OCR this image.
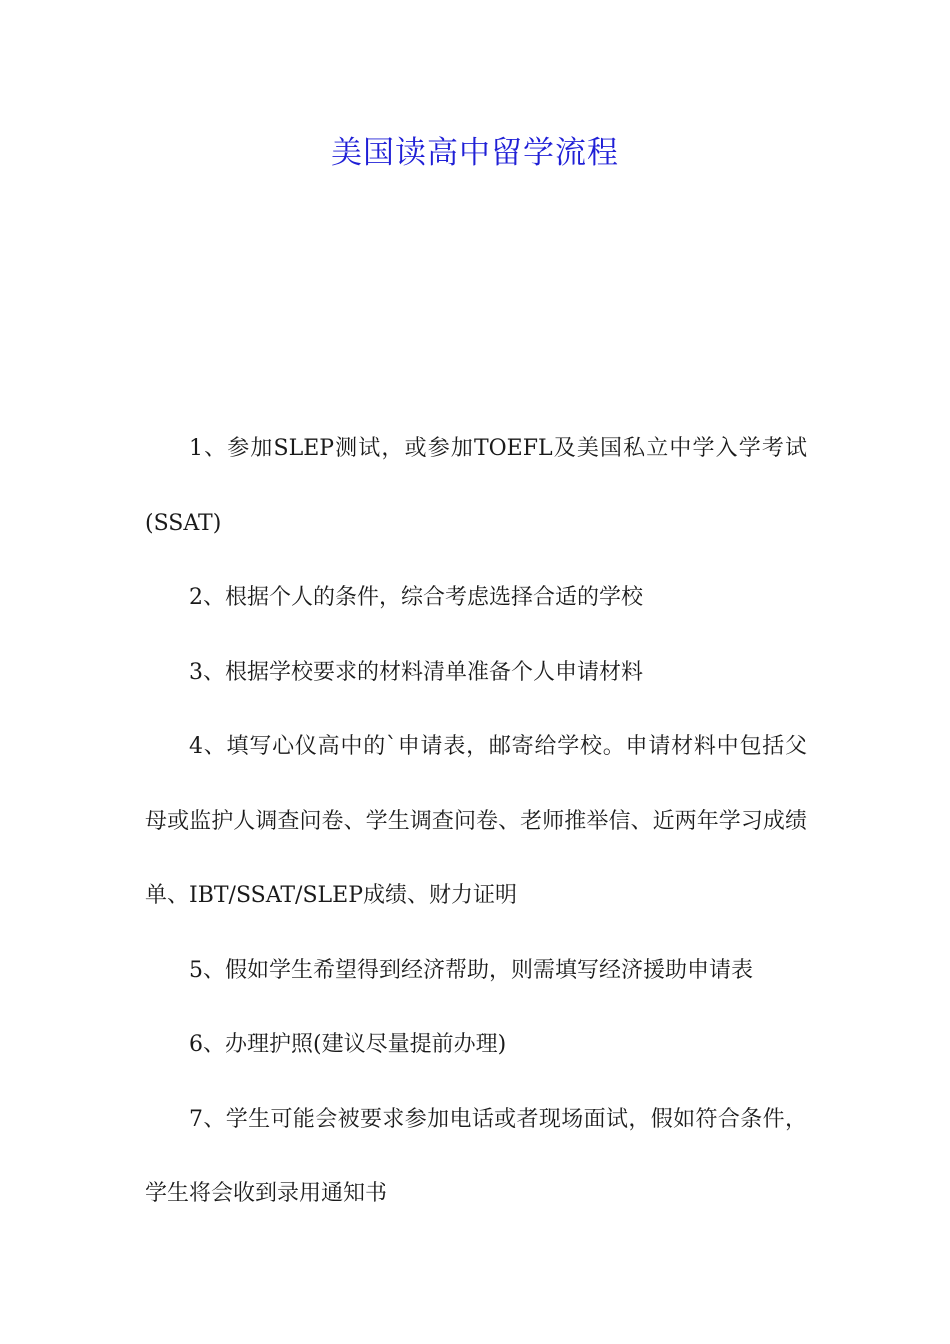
美国读高中留学流程

1、参加SLEP测试，或参加TOEFL及美国私立中学入学考试(SSAT)

2、根据个人的条件，综合考虑选择合适的学校

3、根据学校要求的材料清单准备个人申请材料

4、填写心仪高中的`申请表，邮寄给学校。申请材料中包括父母或监护人调查问卷、学生调查问卷、老师推举信、近两年学习成绩单、IBT/SSAT/SLEP成绩、财力证明

5、假如学生希望得到经济帮助，则需填写经济援助申请表

6、办理护照(建议尽量提前办理)

7、学生可能会被要求参加电话或者现场面试，假如符合条件，学生将会收到录用通知书
